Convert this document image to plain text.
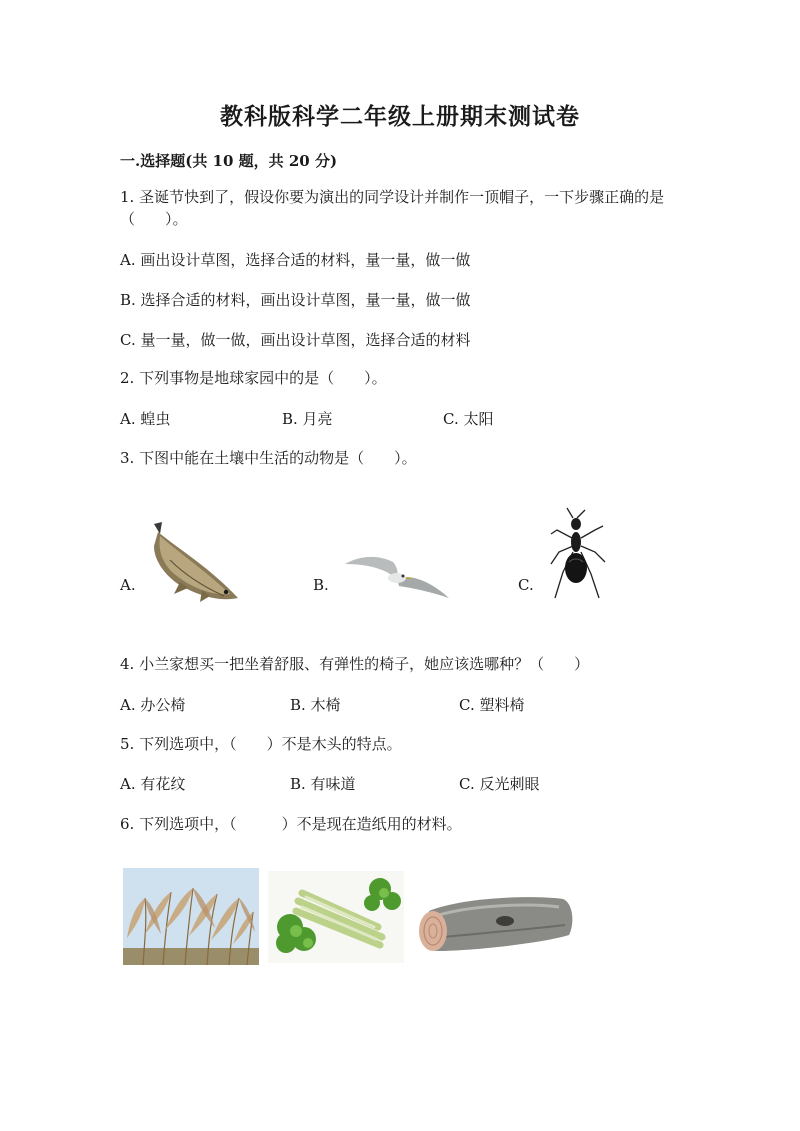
教科版科学二年级上册期末测试卷
一.选择题(共 10 题，共 20 分)
1. 圣诞节快到了，假设你要为演出的同学设计并制作一顶帽子，一下步骤正确的是（　　）。
A. 画出设计草图，选择合适的材料，量一量，做一做
B. 选择合适的材料，画出设计草图，量一量，做一做
C. 量一量，做一做，画出设计草图，选择合适的材料
2. 下列事物是地球家园中的是（　　）。
A. 蝗虫	B. 月亮	C. 太阳
3. 下图中能在土壤中生活的动物是（　　）。
A.	B.	C.
4. 小兰家想买一把坐着舒服、有弹性的椅子，她应该选哪种？（　　）
A. 办公椅	B. 木椅	C. 塑料椅
5. 下列选项中，（　　）不是木头的特点。
A. 有花纹	B. 有味道	C. 反光刺眼
6. 下列选项中，（　　　）不是现在造纸用的材料。
